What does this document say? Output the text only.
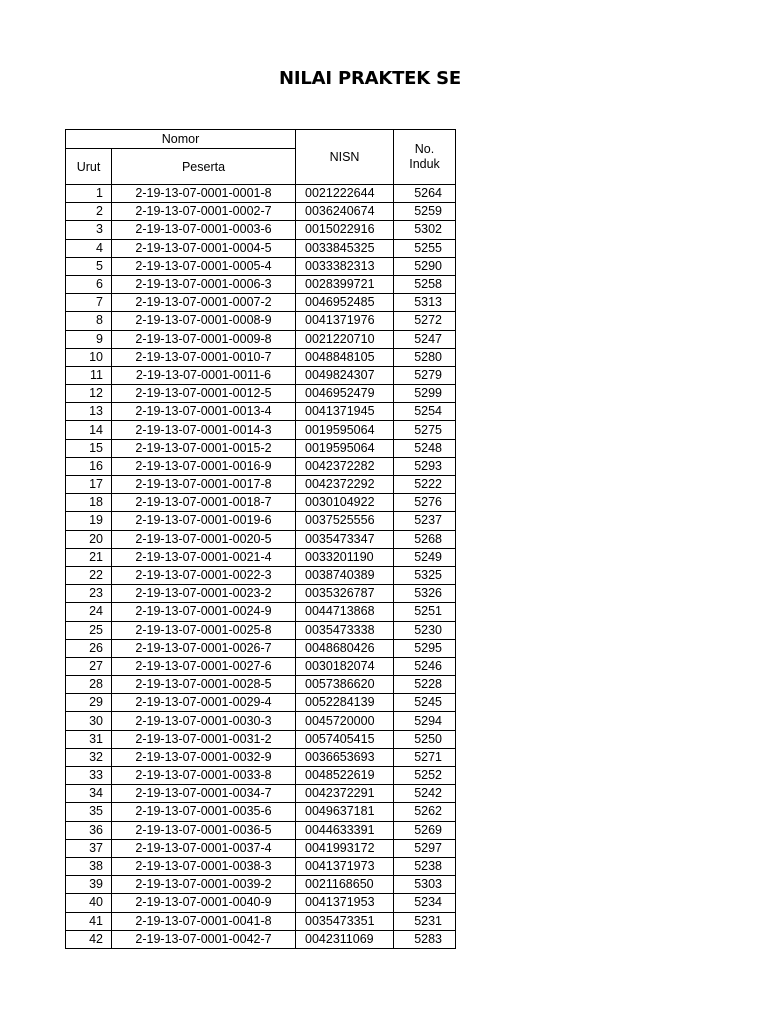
NILAI PRAKTEK SE
Nomor		NISN	No.
Induk
Urut	Peserta		
1	2-19-13-07-0001-0001-8	0021222644	5264
2	2-19-13-07-0001-0002-7	0036240674	5259
3	2-19-13-07-0001-0003-6	0015022916	5302
4	2-19-13-07-0001-0004-5	0033845325	5255
5	2-19-13-07-0001-0005-4	0033382313	5290
6	2-19-13-07-0001-0006-3	0028399721	5258
7	2-19-13-07-0001-0007-2	0046952485	5313
8	2-19-13-07-0001-0008-9	0041371976	5272
9	2-19-13-07-0001-0009-8	0021220710	5247
10	2-19-13-07-0001-0010-7	0048848105	5280
11	2-19-13-07-0001-0011-6	0049824307	5279
12	2-19-13-07-0001-0012-5	0046952479	5299
13	2-19-13-07-0001-0013-4	0041371945	5254
14	2-19-13-07-0001-0014-3	0019595064	5275
15	2-19-13-07-0001-0015-2	0019595064	5248
16	2-19-13-07-0001-0016-9	0042372282	5293
17	2-19-13-07-0001-0017-8	0042372292	5222
18	2-19-13-07-0001-0018-7	0030104922	5276
19	2-19-13-07-0001-0019-6	0037525556	5237
20	2-19-13-07-0001-0020-5	0035473347	5268
21	2-19-13-07-0001-0021-4	0033201190	5249
22	2-19-13-07-0001-0022-3	0038740389	5325
23	2-19-13-07-0001-0023-2	0035326787	5326
24	2-19-13-07-0001-0024-9	0044713868	5251
25	2-19-13-07-0001-0025-8	0035473338	5230
26	2-19-13-07-0001-0026-7	0048680426	5295
27	2-19-13-07-0001-0027-6	0030182074	5246
28	2-19-13-07-0001-0028-5	0057386620	5228
29	2-19-13-07-0001-0029-4	0052284139	5245
30	2-19-13-07-0001-0030-3	0045720000	5294
31	2-19-13-07-0001-0031-2	0057405415	5250
32	2-19-13-07-0001-0032-9	0036653693	5271
33	2-19-13-07-0001-0033-8	0048522619	5252
34	2-19-13-07-0001-0034-7	0042372291	5242
35	2-19-13-07-0001-0035-6	0049637181	5262
36	2-19-13-07-0001-0036-5	0044633391	5269
37	2-19-13-07-0001-0037-4	0041993172	5297
38	2-19-13-07-0001-0038-3	0041371973	5238
39	2-19-13-07-0001-0039-2	0021168650	5303
40	2-19-13-07-0001-0040-9	0041371953	5234
41	2-19-13-07-0001-0041-8	0035473351	5231
42	2-19-13-07-0001-0042-7	0042311069	5283
